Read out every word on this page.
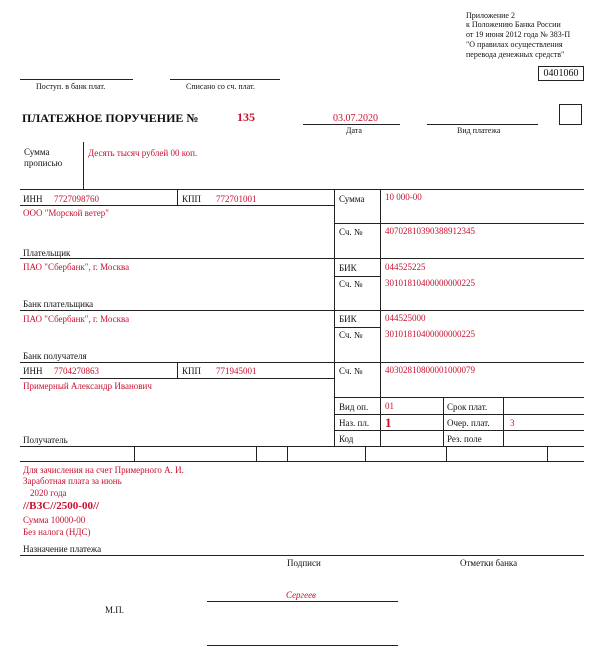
Приложение 2
к Положению Банка России
от 19 июня 2012 года № 383-П
"О правилах осуществления
перевода денежных средств"
0401060
Поступ. в банк плат.	Списано со сч. плат.
ПЛАТЕЖНОЕ ПОРУЧЕНИЕ №	135	03.07.2020
Дата	Вид платежа
Сумма
прописью
Десять тысяч рублей 00 коп.
ИНН 7727098760	КПП 772701001
ООО "Морской ветер"
Плательщик
Сумма 10 000-00
Сч. №	40702810390388912345
ПАО "Сбербанк", г. Москва
Банк плательщика
БИК	044525225
Сч. №	30101810400000000225
ПАО "Сбербанк", г. Москва
Банк получателя
БИК	044525000
Сч. №	30101810400000000225
ИНН 7704270863	КПП 771945001
Примерный Александр Иванович
Получатель
Сч. №	40302810800001000079
Вид оп. 01	Срок плат.
Наз. пл. 1	Очер. плат. 3
Код	Рез. поле
Для зачисления на счет Примерного А. И.
Заработная плата за июнь
2020 года
//ВЗС//2500-00//
Сумма 10000-00
Без налога (НДС)
Назначение платежа
Подписи	Отметки банка
М.П.
Сергеев
